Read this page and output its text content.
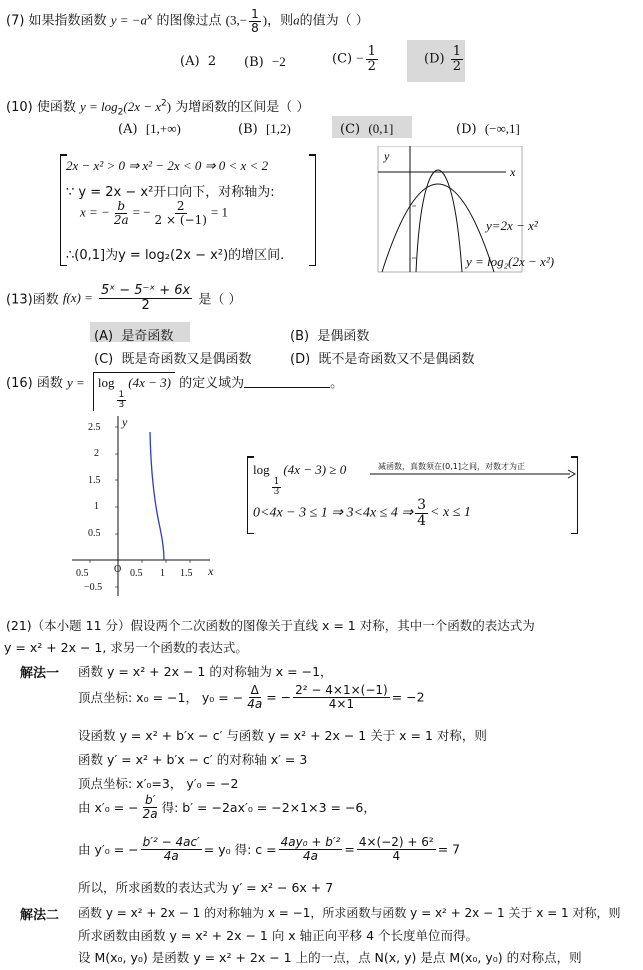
(7) 如果指数函数 $y = -a^x$ 的图像过点 ($3,- \frac{1}{8}$ )，则a的值为（ ）
(A) 2 (B) −2	$(C) - \frac{1}{2}$	$(D) \frac{1}{2}$
(10) 使函数 $y = \log_2(2x - x^2)$ 为增函数的区间是（ ）
(A) [1,+∞)	(B) [1,2)	(C) (0,1]	(D) (−∞,1]
2x − x² > 0 ⇒ x² − 2x < 0 ⇒ 0 < x < 2
∵ y = 2x − x²开口向下，对称轴为:
x = − $\frac{b}{2a}$ = − $\frac{2}{2 \times (-1)} = 1$
∴(0,1]为y = log₂(2x − x²)的增区间.
y
x
y=2x − x²
y = log₂(2x − x²)
(13)函数 $f(x) = \frac{\text{5ˣ − 5⁻ˣ + 6x}}{2}$ 是（ ）
(A) 是奇函数	(B) 是偶函数
(C) 既是奇函数又是偶函数	(D) 既不是奇函数又不是偶函数
(16) 函数 y = log
$\frac{1}{3}$
(4x − 3) 的定义域为	。
2.5
2
1.5
1
0.5
−0.5
0.5	0.5 1 1.5
O
y
x
log
$\frac{1}{3}$
(4x − 3) ≥ 0	减函数，真数须在(0,1]之间，对数才为正
0<4x − 3 ≤ 1 ⇒ 3<4x ≤ 4 ⇒ $\frac{3}{4} < x \le 1$
(21)（本小题 11 分）假设两个二次函数的图像关于直线 x = 1 对称，其中一个函数的表达式为
y = x² + 2x − 1, 求另一个函数的表达式。
解法一 函数 y = x² + 2x − 1 的对称轴为 x = −1，
顶点坐标: x₀ = −1， y₀ = − $\frac{\Delta}{4a}$ = − $\frac{\text{2² − 4×1×(−1)}}{4\times 1} = -2$
设函数 y = x² + b′x − c′ 与函数 y = x² + 2x − 1 关于 x = 1 对称，则
函数 y′ = x² + b′x − c′ 的对称轴 x′ = 3
顶点坐标: x′₀=3， y′₀ = −2
由 x′₀ = − $\frac{b'}{2a}$ 得: b′ = −2ax′₀ = −2×1×3 = −6，
由 y′₀ = − $\frac{\text{b′² − 4ac′}}{4a} = y_0$ 得: $c = \frac{\text{4ay₀ + b′²}}{4a} = \frac{\text{4×(−2) + 6²}}{4} = 7$
所以，所求函数的表达式为 y′ = x² − 6x + 7
解法二 函数 y = x² + 2x − 1 的对称轴为 x = −1，所求函数与函数 y = x² + 2x − 1 关于 x = 1 对称，则
所求函数由函数 y = x² + 2x − 1 向 x 轴正向平移 4 个长度单位而得。
设 M(x₀, y₀) 是函数 y = x² + 2x − 1 上的一点，点 N(x, y) 是点 M(x₀, y₀) 的对称点，则
